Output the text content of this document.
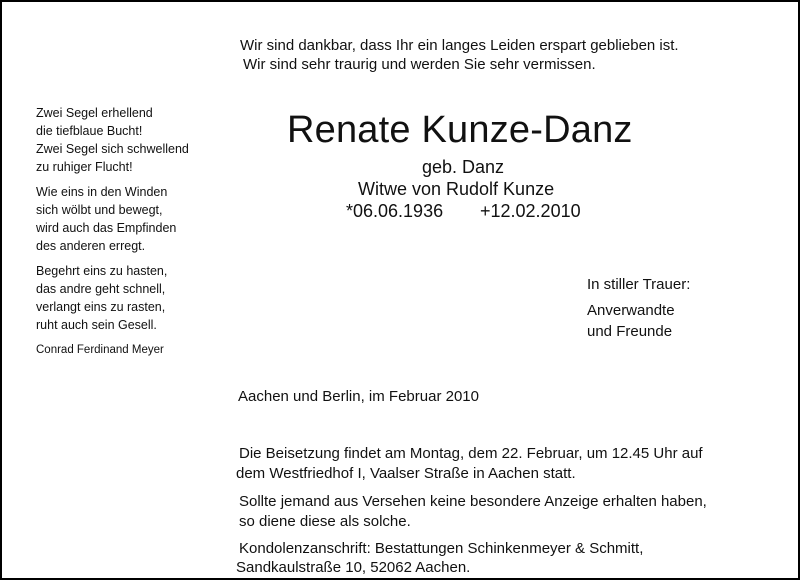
Wir sind dankbar, dass Ihr ein langes Leiden erspart geblieben ist.

Wir sind sehr traurig und werden Sie sehr vermissen.

Zwei Segel erhellend

die tiefblaue Bucht!

Zwei Segel sich schwellend

zu ruhiger Flucht!

Wie eins in den Winden

sich wölbt und bewegt,

wird auch das Empfinden

des anderen erregt.

Begehrt eins zu hasten,

das andre geht schnell,

verlangt eins zu rasten,

ruht auch sein Gesell.

Conrad Ferdinand Meyer

Renate Kunze-Danz

geb. Danz

Witwe von Rudolf Kunze

*06.06.1936 +12.02.2010

In stiller Trauer:

Anverwandte

und Freunde

Aachen und Berlin, im Februar 2010

Die Beisetzung findet am Montag, dem 22. Februar, um 12.45 Uhr auf

dem Westfriedhof I, Vaalser Straße in Aachen statt.

Sollte jemand aus Versehen keine besondere Anzeige erhalten haben,

so diene diese als solche.

Kondolenzanschrift: Bestattungen Schinkenmeyer & Schmitt,

Sandkaulstraße 10, 52062 Aachen.
